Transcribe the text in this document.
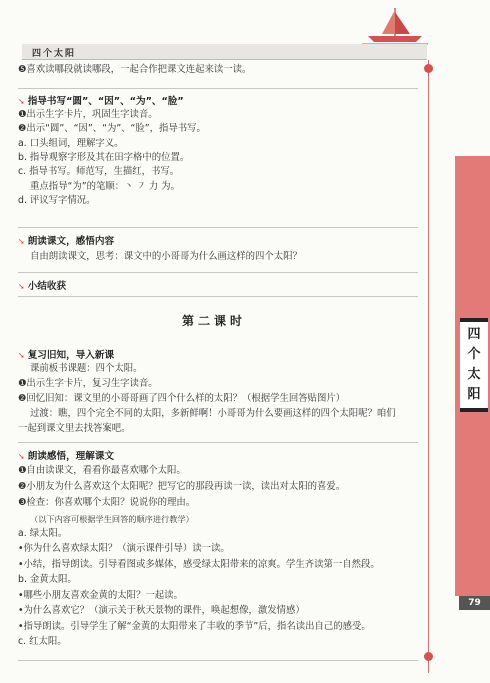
四个太阳
四
个
太
阳
79
❺喜欢读哪段就读哪段，一起合作把课文连起来读一读。
➘ 指导书写“圆”、“因”、“为”、“脸”
❶出示生字卡片，巩固生字读音。
❷出示“圆”、“因”、“为”、“脸”，指导书写。
a. 口头组词，理解字义。
b. 指导观察字形及其在田字格中的位置。
c. 指导书写。师范写，生描红，书写。
重点指导“为”的笔顺：丶 ㇇ 力 为。
d. 评议写字情况。
➘ 朗读课文，感悟内容
自由朗读课文，思考：课文中的小哥哥为什么画这样的四个太阳？
➘ 小结收获
第二课时
➘ 复习旧知，导入新课
课前板书课题：四个太阳。
❶出示生字卡片，复习生字读音。
❷回忆旧知：课文里的小哥哥画了四个什么样的太阳？（根据学生回答贴图片）
过渡：瞧，四个完全不同的太阳，多新鲜啊！小哥哥为什么要画这样的四个太阳呢？咱们
一起到课文里去找答案吧。
➘ 朗读感悟，理解课文
❶自由读课文，看看你最喜欢哪个太阳。
❷小朋友为什么喜欢这个太阳呢？把写它的那段再读一读，读出对太阳的喜爱。
❸检查：你喜欢哪个太阳？说说你的理由。
（以下内容可根据学生回答的顺序进行教学）
a. 绿太阳。
•你为什么喜欢绿太阳？（演示课件引导）读一读。
•小结，指导朗读。引导看图或多媒体，感受绿太阳带来的凉爽。学生齐读第一自然段。
b. 金黄太阳。
•哪些小朋友喜欢金黄的太阳？一起读。
•为什么喜欢它？（演示关于秋天景物的课件，唤起想像，激发情感）
•指导朗读。引导学生了解“金黄的太阳带来了丰收的季节”后，指名读出自己的感受。
c. 红太阳。
